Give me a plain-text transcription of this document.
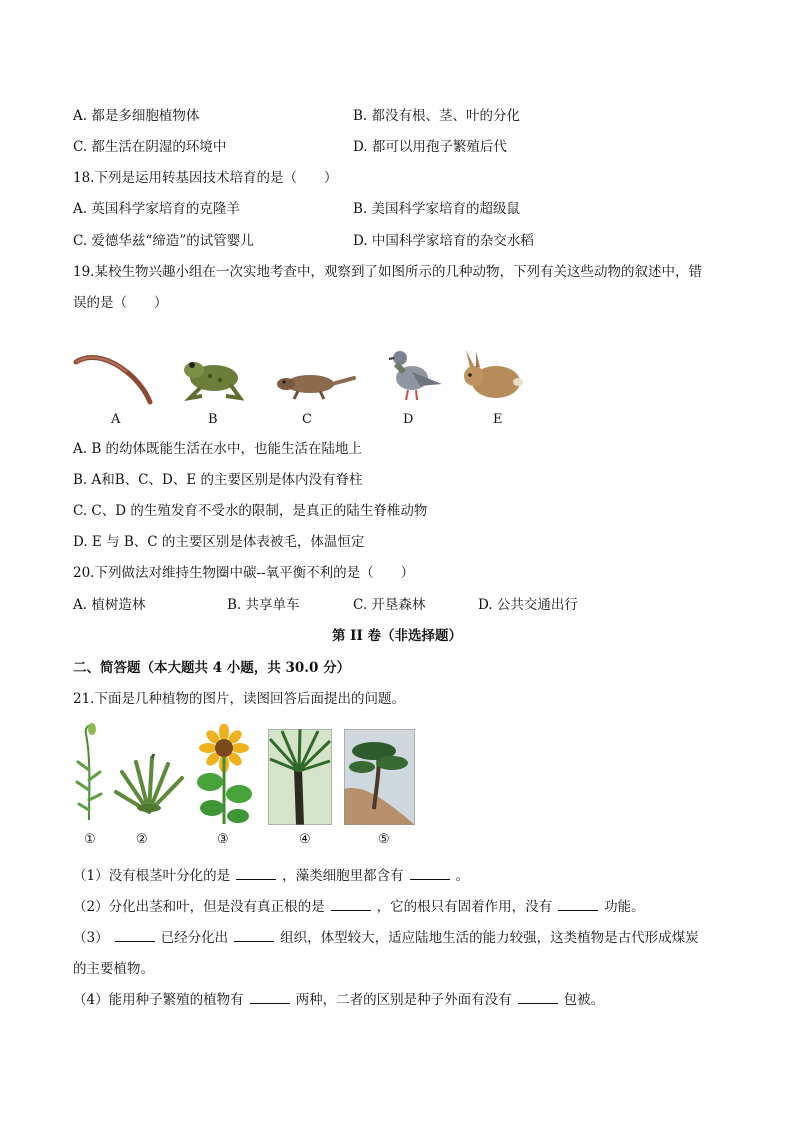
A. 都是多细胞植物体	B. 都没有根、茎、叶的分化
C. 都生活在阴湿的环境中	D. 都可以用孢子繁殖后代
18.下列是运用转基因技术培育的是（　　）
A. 英国科学家培育的克隆羊	B. 美国科学家培育的超级鼠
C. 爱德华兹“缔造”的试管婴儿	D. 中国科学家培育的杂交水稻
19.某校生物兴趣小组在一次实地考查中，观察到了如图所示的几种动物，下列有关这些动物的叙述中，错
误的是（　　）
A	B	C	D	E
A. B 的幼体既能生活在水中，也能生活在陆地上
B. A和B、C、D、E 的主要区别是体内没有脊柱
C. C、D 的生殖发育不受水的限制，是真正的陆生脊椎动物
D. E 与 B、C 的主要区别是体表被毛，体温恒定
20.下列做法对维持生物圈中碳--氧平衡不利的是（　　）
A. 植树造林	B. 共享单车	C. 开垦森林	D. 公共交通出行
第 II 卷（非选择题）
二、简答题（本大题共 4 小题，共 30.0 分）
21.下面是几种植物的图片，读图回答后面提出的问题。
①	②	③	④	⑤
（1）没有根茎叶分化的是	，藻类细胞里都含有	。
（2）分化出茎和叶，但是没有真正根的是	，它的根只有固着作用，没有	功能。
（3）	已经分化出	组织，体型较大，适应陆地生活的能力较强，这类植物是古代形成煤炭
的主要植物。
（4）能用种子繁殖的植物有	两种，二者的区别是种子外面有没有	包被。
